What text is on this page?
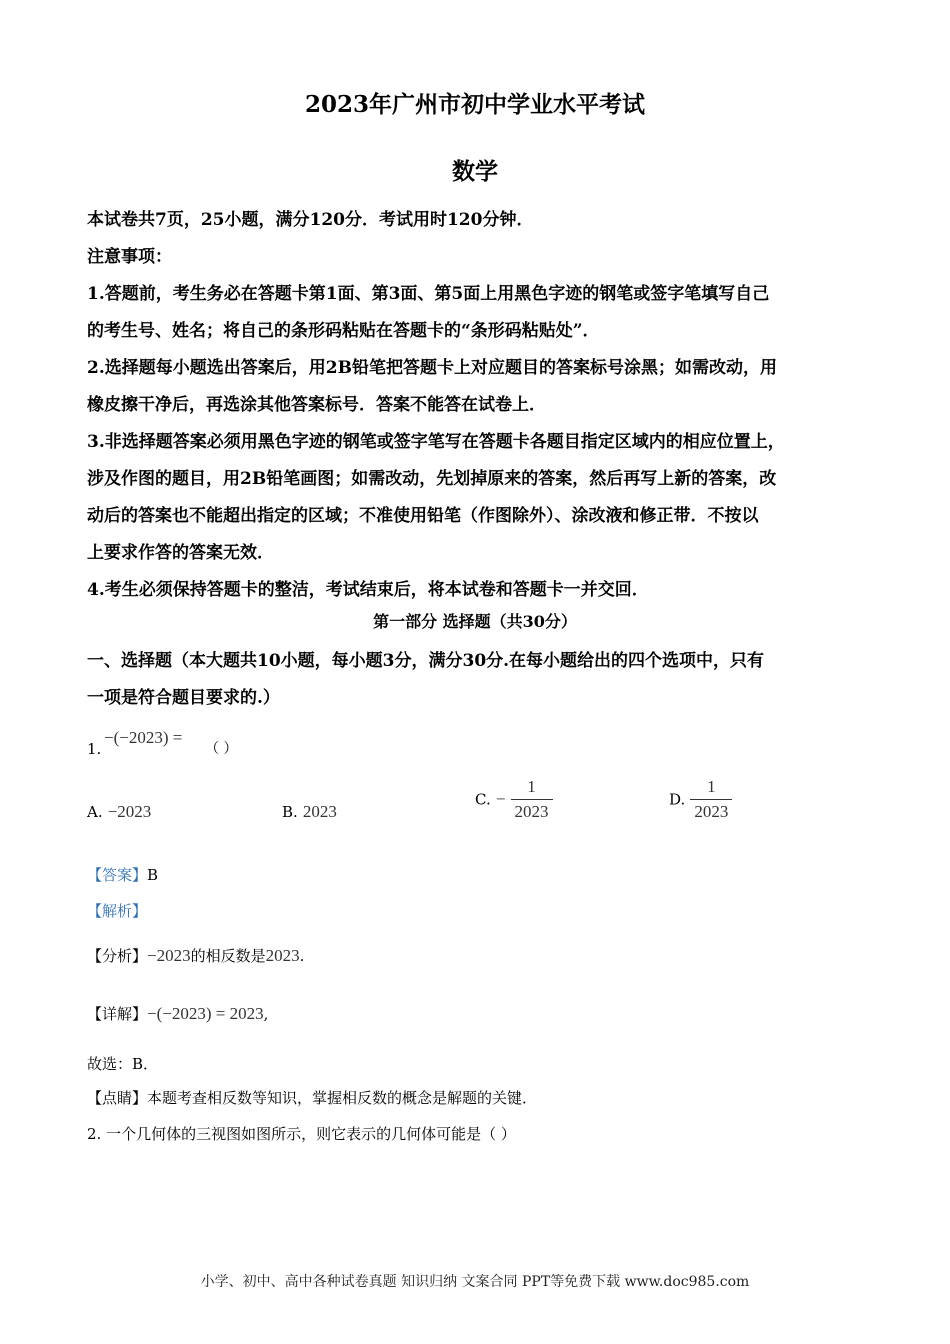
2023年广州市初中学业水平考试
数学
本试卷共7页，25小题，满分120分．考试用时120分钟．
注意事项：
1.答题前，考生务必在答题卡第1面、第3面、第5面上用黑色字迹的钢笔或签字笔填写自己
的考生号、姓名；将自己的条形码粘贴在答题卡的“条形码粘贴处”．
2.选择题每小题选出答案后，用2B铅笔把答题卡上对应题目的答案标号涂黑；如需改动，用
橡皮擦干净后，再选涂其他答案标号．答案不能答在试卷上．
3.非选择题答案必须用黑色字迹的钢笔或签字笔写在答题卡各题目指定区域内的相应位置上，
涉及作图的题目，用2B铅笔画图；如需改动，先划掉原来的答案，然后再写上新的答案，改
动后的答案也不能超出指定的区域；不准使用铅笔（作图除外）、涂改液和修正带．不按以
上要求作答的答案无效．
4.考生必须保持答题卡的整洁，考试结束后，将本试卷和答题卡一并交回．
第一部分 选择题（共30分）
一、选择题（本大题共10小题，每小题3分，满分30分.在每小题给出的四个选项中，只有
一项是符合题目要求的.）
1.
−(−2023) =
（ ）
A. −2023	B. 2023
C. − $\frac{1}{2023}$	D. $\frac{1}{2023}$
【答案】B
【解析】
【分析】−2023的相反数是2023.
【详解】−(−2023) = 2023,
故选：B．
【点睛】本题考查相反数等知识，掌握相反数的概念是解题的关键．
2. 一个几何体的三视图如图所示，则它表示的几何体可能是（ ）
小学、初中、高中各种试卷真题 知识归纳 文案合同 PPT等免费下载 www.doc985.com
